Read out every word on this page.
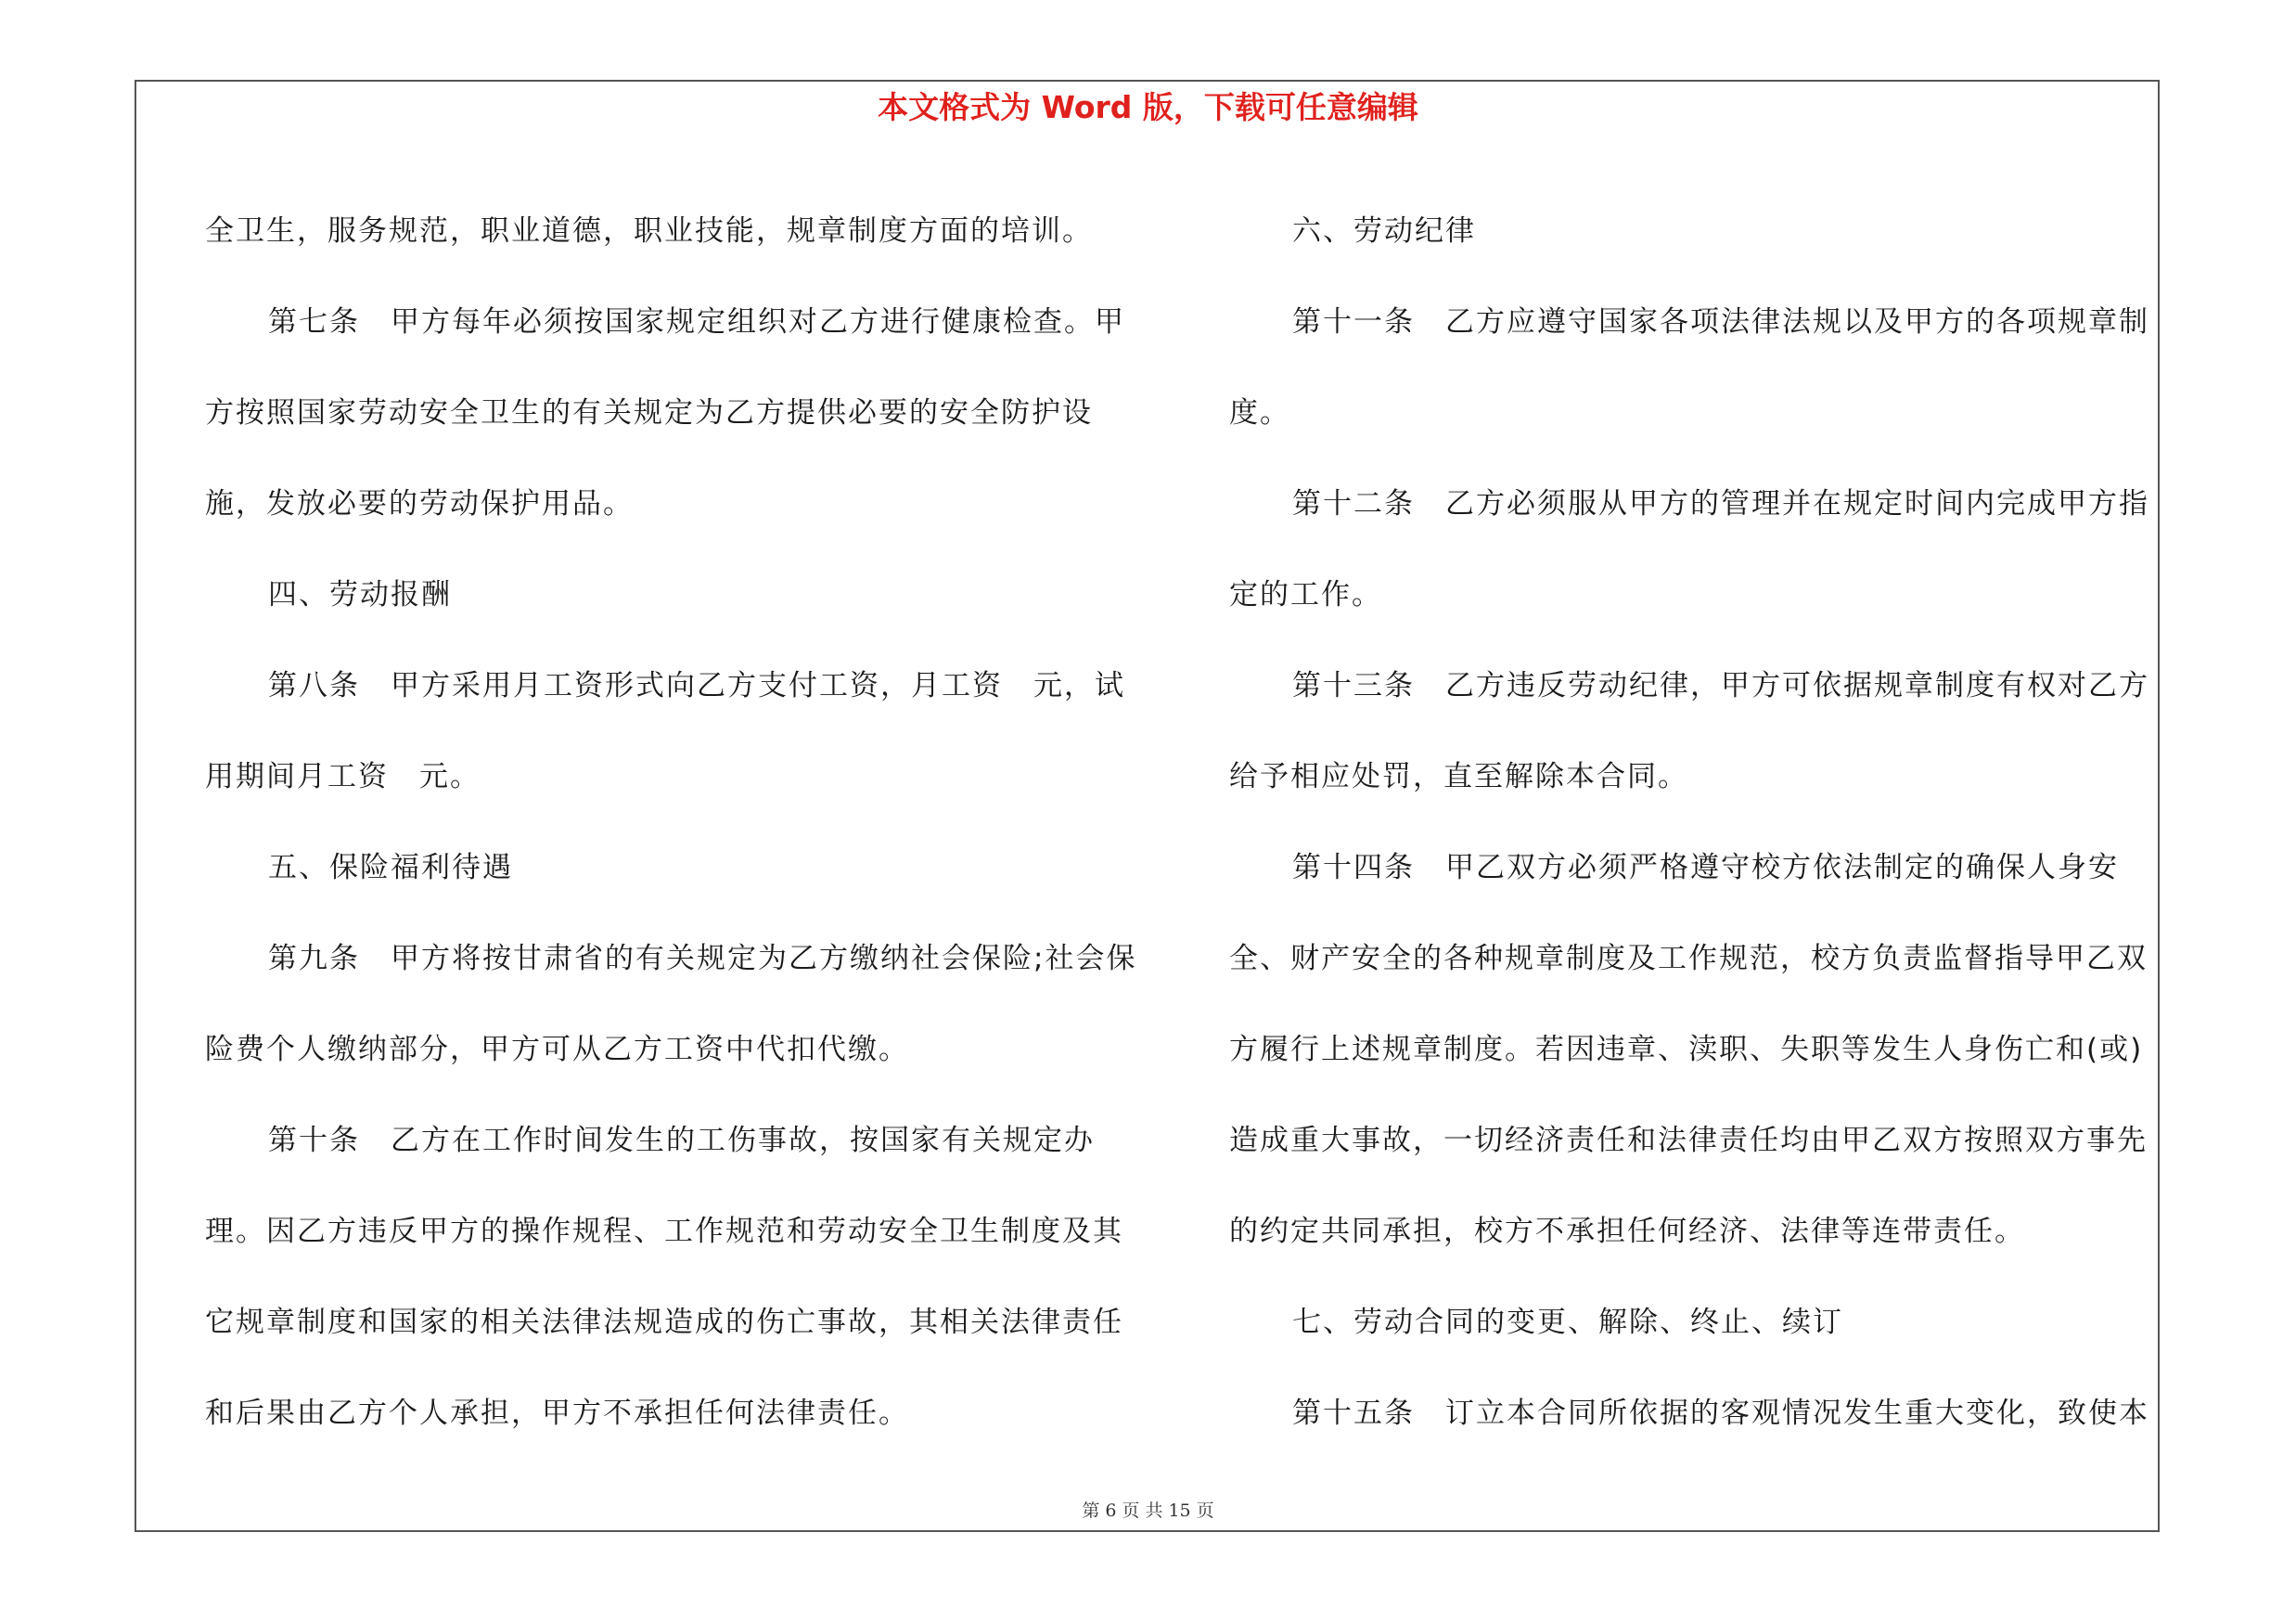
本文格式为 Word 版，下载可任意编辑

全卫生，服务规范，职业道德，职业技能，规章制度方面的培训。

第七条　甲方每年必须按国家规定组织对乙方进行健康检查。甲方按照国家劳动安全卫生的有关规定为乙方提供必要的安全防护设施，发放必要的劳动保护用品。

四、劳动报酬

第八条　甲方采用月工资形式向乙方支付工资，月工资　元，试用期间月工资　元。

五、保险福利待遇

第九条　甲方将按甘肃省的有关规定为乙方缴纳社会保险;社会保险费个人缴纳部分，甲方可从乙方工资中代扣代缴。

第十条　乙方在工作时间发生的工伤事故，按国家有关规定办理。因乙方违反甲方的操作规程、工作规范和劳动安全卫生制度及其它规章制度和国家的相关法律法规造成的伤亡事故，其相关法律责任和后果由乙方个人承担，甲方不承担任何法律责任。

六、劳动纪律

第十一条　乙方应遵守国家各项法律法规以及甲方的各项规章制度。

第十二条　乙方必须服从甲方的管理并在规定时间内完成甲方指定的工作。

第十三条　乙方违反劳动纪律，甲方可依据规章制度有权对乙方给予相应处罚，直至解除本合同。

第十四条　甲乙双方必须严格遵守校方依法制定的确保人身安全、财产安全的各种规章制度及工作规范，校方负责监督指导甲乙双方履行上述规章制度。若因违章、渎职、失职等发生人身伤亡和(或)造成重大事故，一切经济责任和法律责任均由甲乙双方按照双方事先的约定共同承担，校方不承担任何经济、法律等连带责任。

七、劳动合同的变更、解除、终止、续订

第十五条　订立本合同所依据的客观情况发生重大变化，致使本

第 6 页 共 15 页
